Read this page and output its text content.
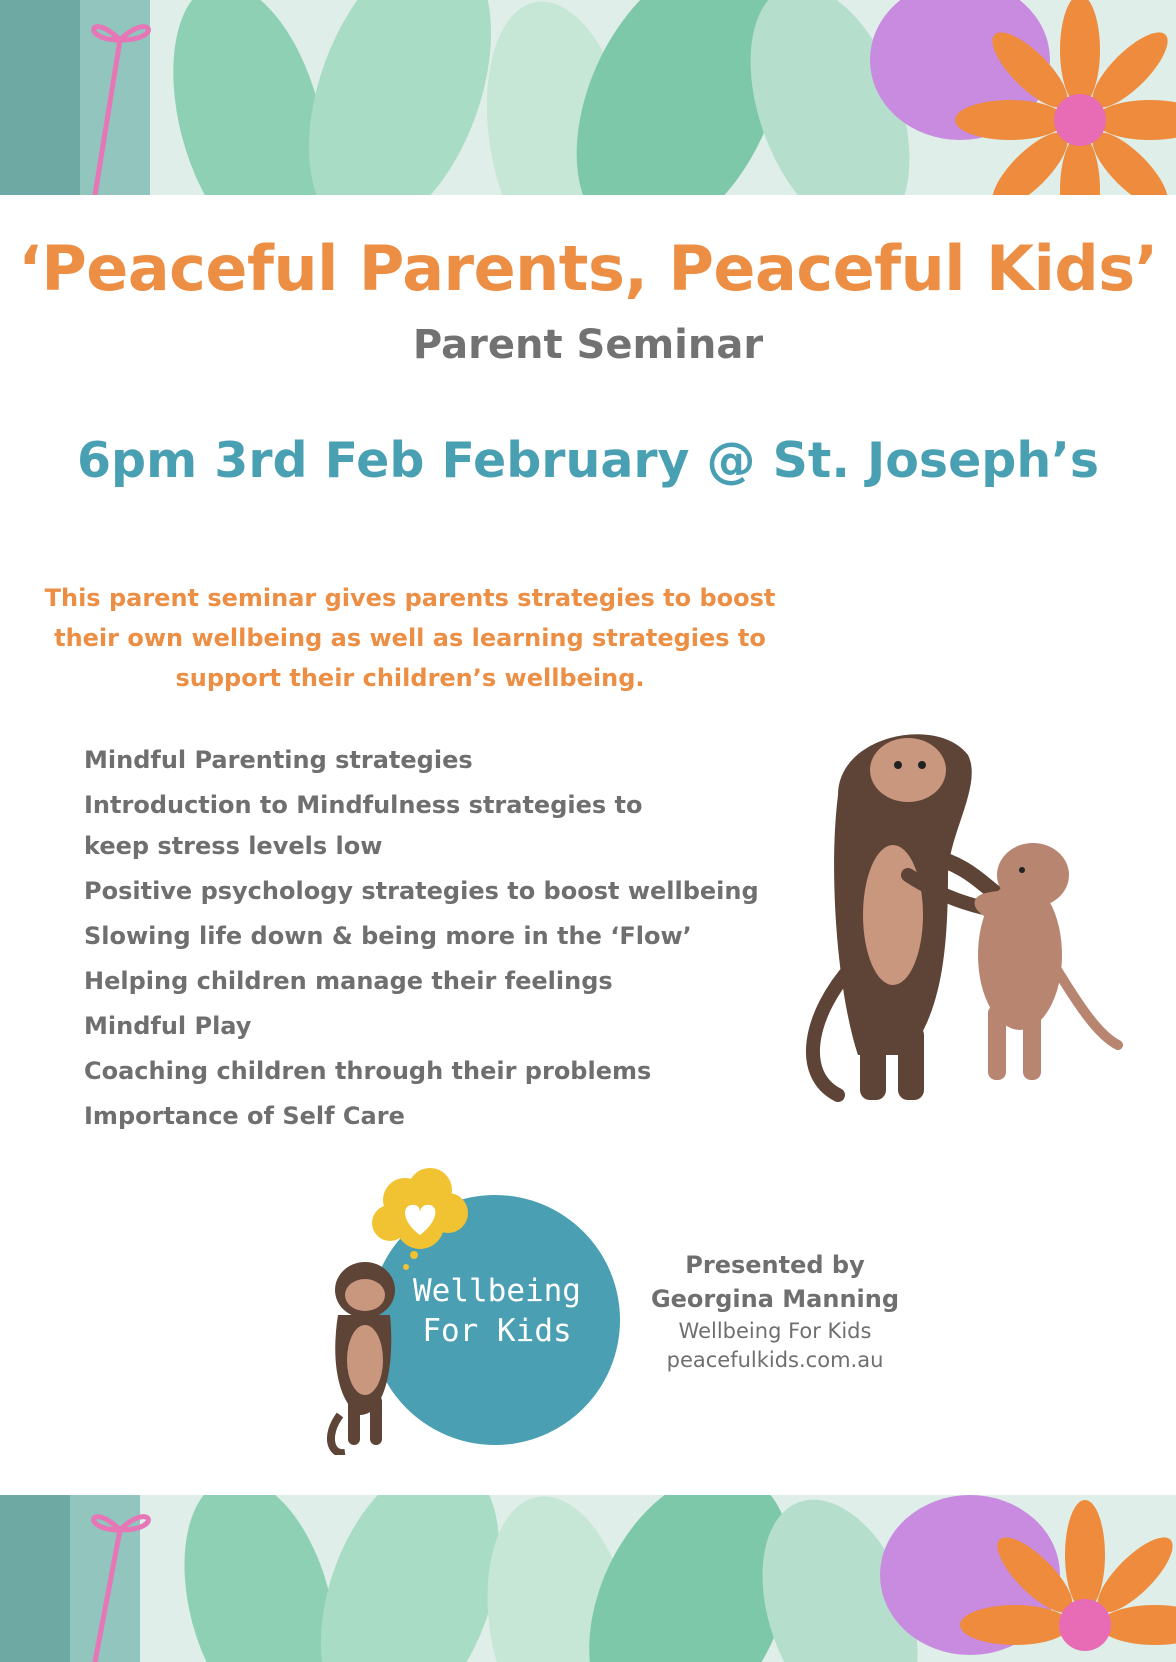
‘Peaceful Parents, Peaceful Kids’
Parent Seminar
6pm 3rd Feb February @ St. Joseph’s
This parent seminar gives parents strategies to boost
their own wellbeing as well as learning strategies to
support their children’s wellbeing.
Mindful Parenting strategies
Introduction to Mindfulness strategies to keep stress levels low
Positive psychology strategies to boost wellbeing
Slowing life down & being more in the ‘Flow’
Helping children manage their feelings
Mindful Play
Coaching children through their problems
Importance of Self Care
Wellbeing
For Kids
Presented by
Georgina Manning
Wellbeing For Kids
peacefulkids.com.au
